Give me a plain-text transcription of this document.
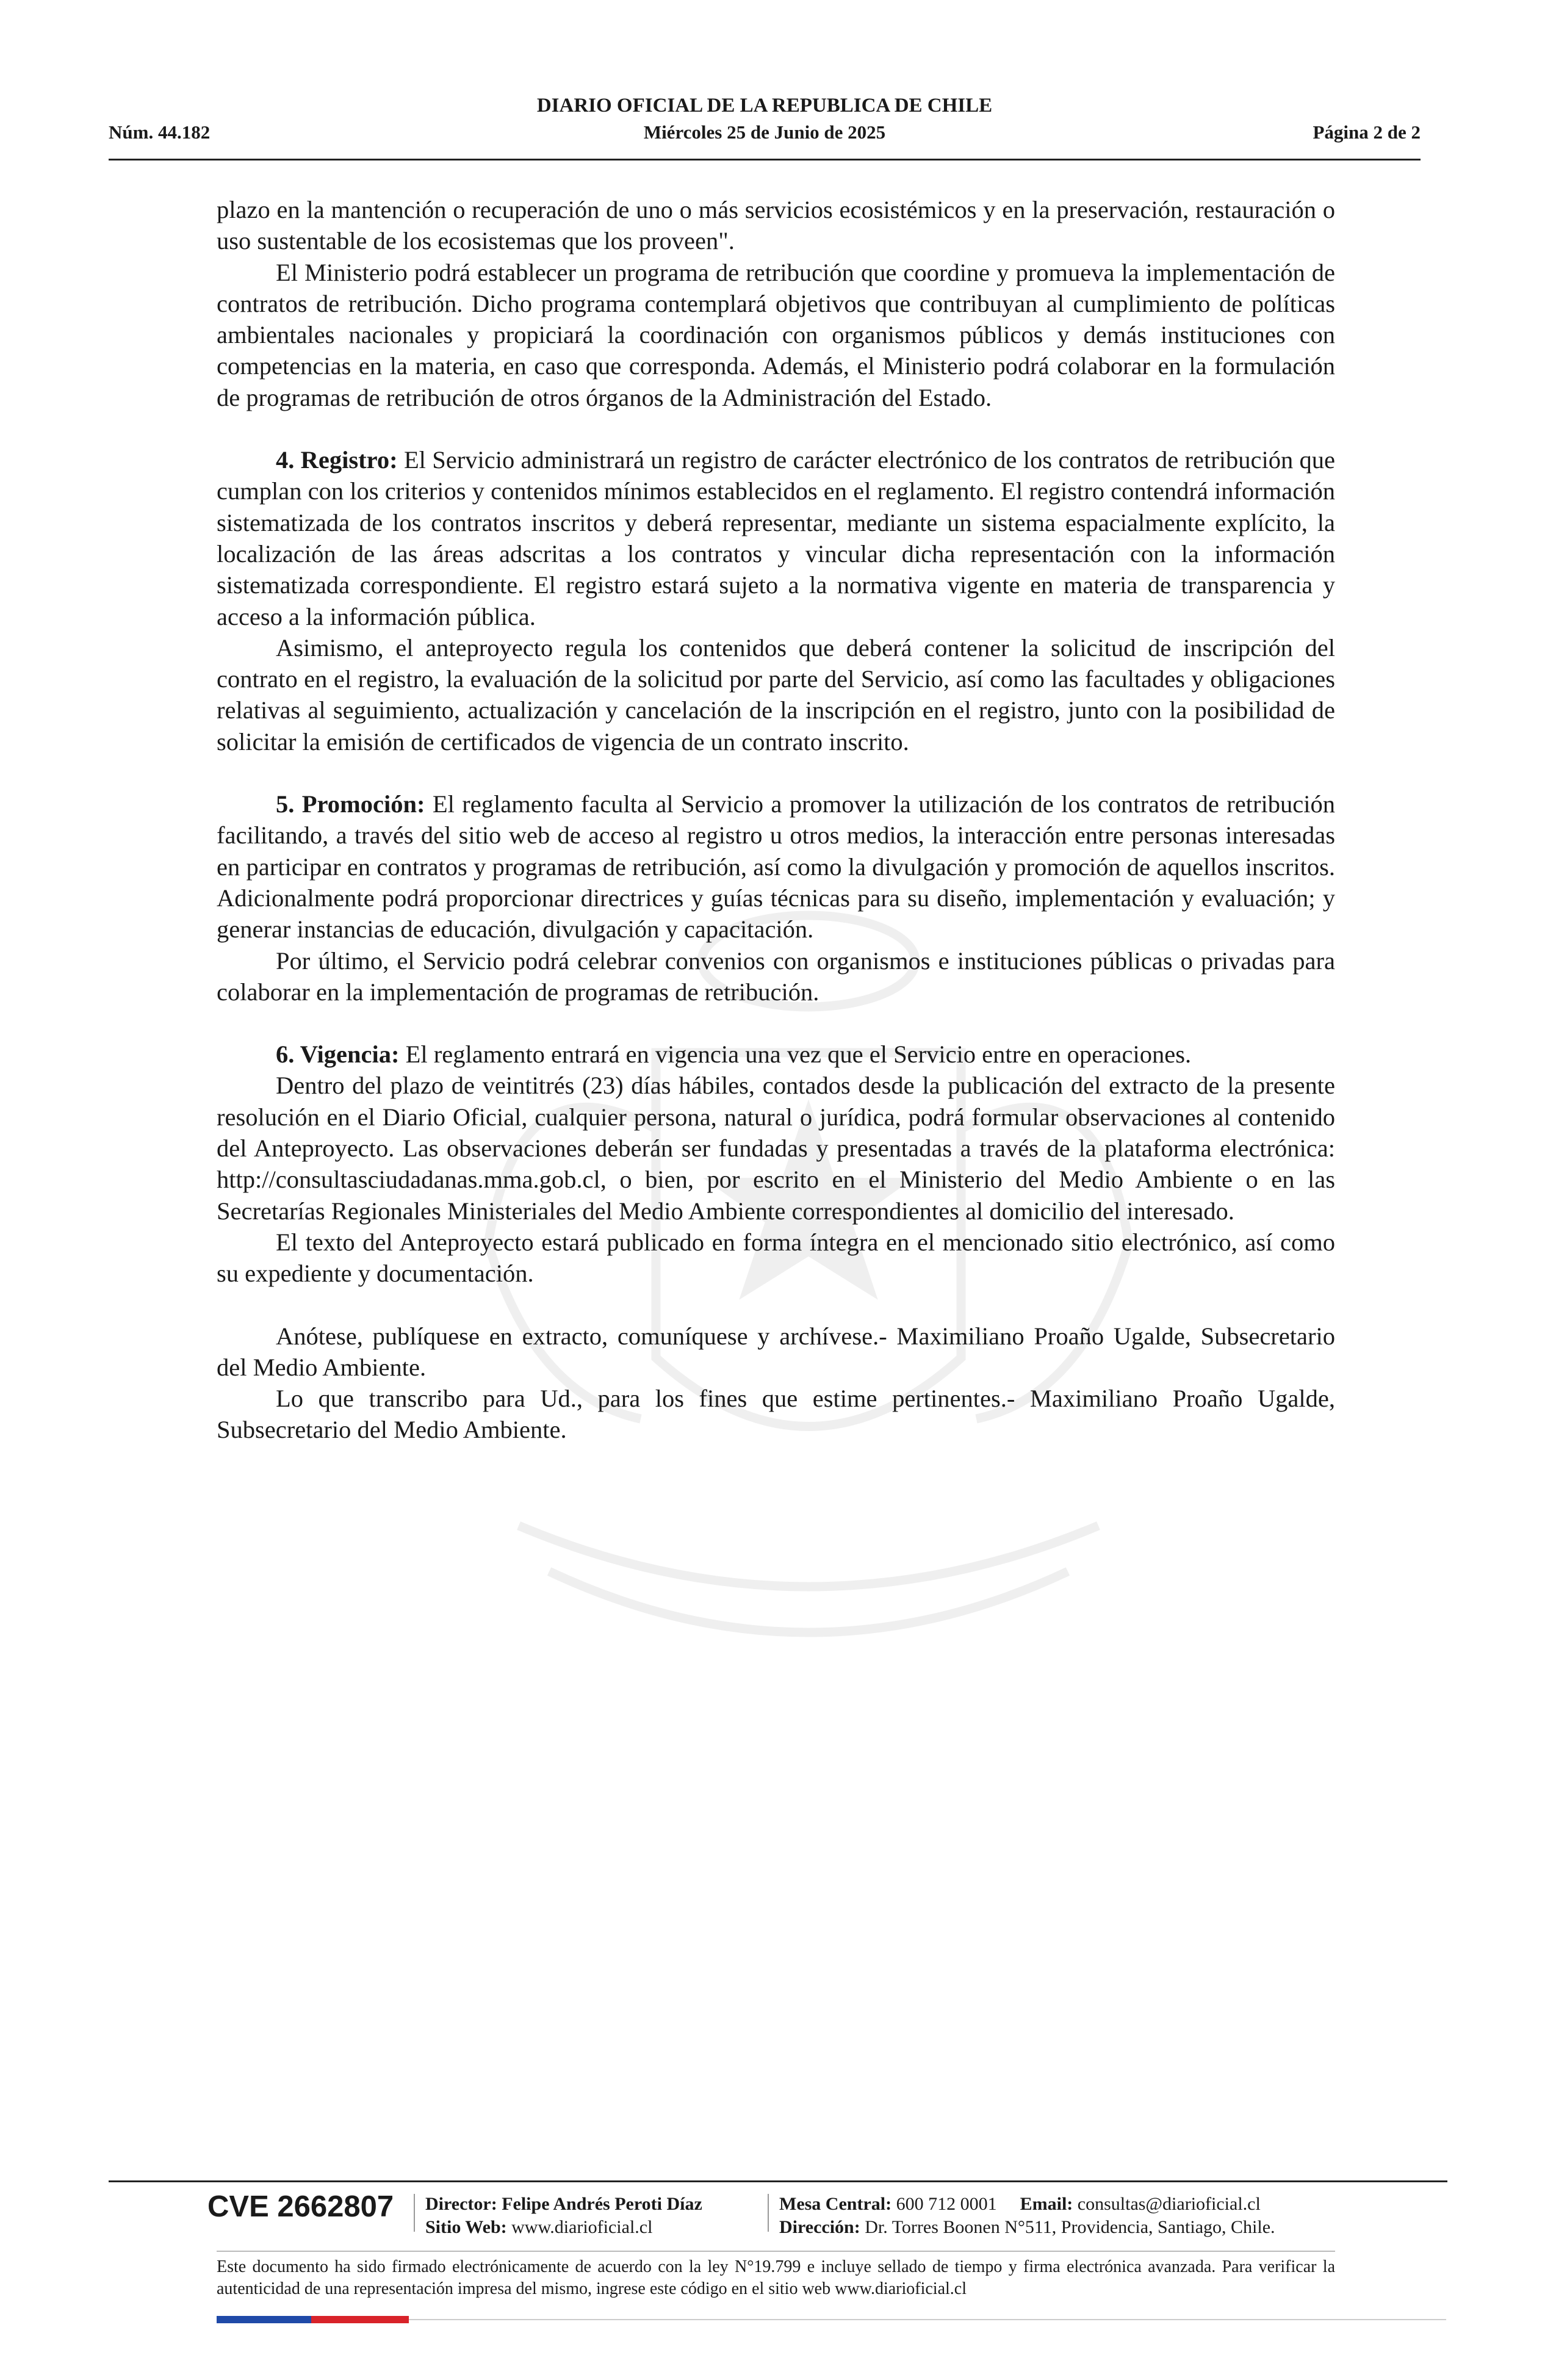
DIARIO OFICIAL DE LA REPUBLICA DE CHILE
Núm. 44.182	Miércoles 25 de Junio de 2025	Página 2 de 2

plazo en la mantención o recuperación de uno o más servicios ecosistémicos y en la preservación, restauración o uso sustentable de los ecosistemas que los proveen".

El Ministerio podrá establecer un programa de retribución que coordine y promueva la implementación de contratos de retribución. Dicho programa contemplará objetivos que contribuyan al cumplimiento de políticas ambientales nacionales y propiciará la coordinación con organismos públicos y demás instituciones con competencias en la materia, en caso que corresponda. Además, el Ministerio podrá colaborar en la formulación de programas de retribución de otros órganos de la Administración del Estado.

4. Registro: El Servicio administrará un registro de carácter electrónico de los contratos de retribución que cumplan con los criterios y contenidos mínimos establecidos en el reglamento. El registro contendrá información sistematizada de los contratos inscritos y deberá representar, mediante un sistema espacialmente explícito, la localización de las áreas adscritas a los contratos y vincular dicha representación con la información sistematizada correspondiente. El registro estará sujeto a la normativa vigente en materia de transparencia y acceso a la información pública.

Asimismo, el anteproyecto regula los contenidos que deberá contener la solicitud de inscripción del contrato en el registro, la evaluación de la solicitud por parte del Servicio, así como las facultades y obligaciones relativas al seguimiento, actualización y cancelación de la inscripción en el registro, junto con la posibilidad de solicitar la emisión de certificados de vigencia de un contrato inscrito.

5. Promoción: El reglamento faculta al Servicio a promover la utilización de los contratos de retribución facilitando, a través del sitio web de acceso al registro u otros medios, la interacción entre personas interesadas en participar en contratos y programas de retribución, así como la divulgación y promoción de aquellos inscritos. Adicionalmente podrá proporcionar directrices y guías técnicas para su diseño, implementación y evaluación; y generar instancias de educación, divulgación y capacitación.

Por último, el Servicio podrá celebrar convenios con organismos e instituciones públicas o privadas para colaborar en la implementación de programas de retribución.

6. Vigencia: El reglamento entrará en vigencia una vez que el Servicio entre en operaciones.

Dentro del plazo de veintitrés (23) días hábiles, contados desde la publicación del extracto de la presente resolución en el Diario Oficial, cualquier persona, natural o jurídica, podrá formular observaciones al contenido del Anteproyecto. Las observaciones deberán ser fundadas y presentadas a través de la plataforma electrónica: http://consultasciudadanas.mma.gob.cl, o bien, por escrito en el Ministerio del Medio Ambiente o en las Secretarías Regionales Ministeriales del Medio Ambiente correspondientes al domicilio del interesado.

El texto del Anteproyecto estará publicado en forma íntegra en el mencionado sitio electrónico, así como su expediente y documentación.

Anótese, publíquese en extracto, comuníquese y archívese.- Maximiliano Proaño Ugalde, Subsecretario del Medio Ambiente.

Lo que transcribo para Ud., para los fines que estime pertinentes.- Maximiliano Proaño Ugalde, Subsecretario del Medio Ambiente.

CVE 2662807 Director: Felipe Andrés Peroti Díaz
Sitio Web: www.diarioficial.cl
Mesa Central: 600 712 0001 Email: consultas@diarioficial.cl
Dirección: Dr. Torres Boonen N°511, Providencia, Santiago, Chile.
Este documento ha sido firmado electrónicamente de acuerdo con la ley N°19.799 e incluye sellado de tiempo y firma electrónica avanzada. Para verificar la autenticidad de una representación impresa del mismo, ingrese este código en el sitio web www.diarioficial.cl
